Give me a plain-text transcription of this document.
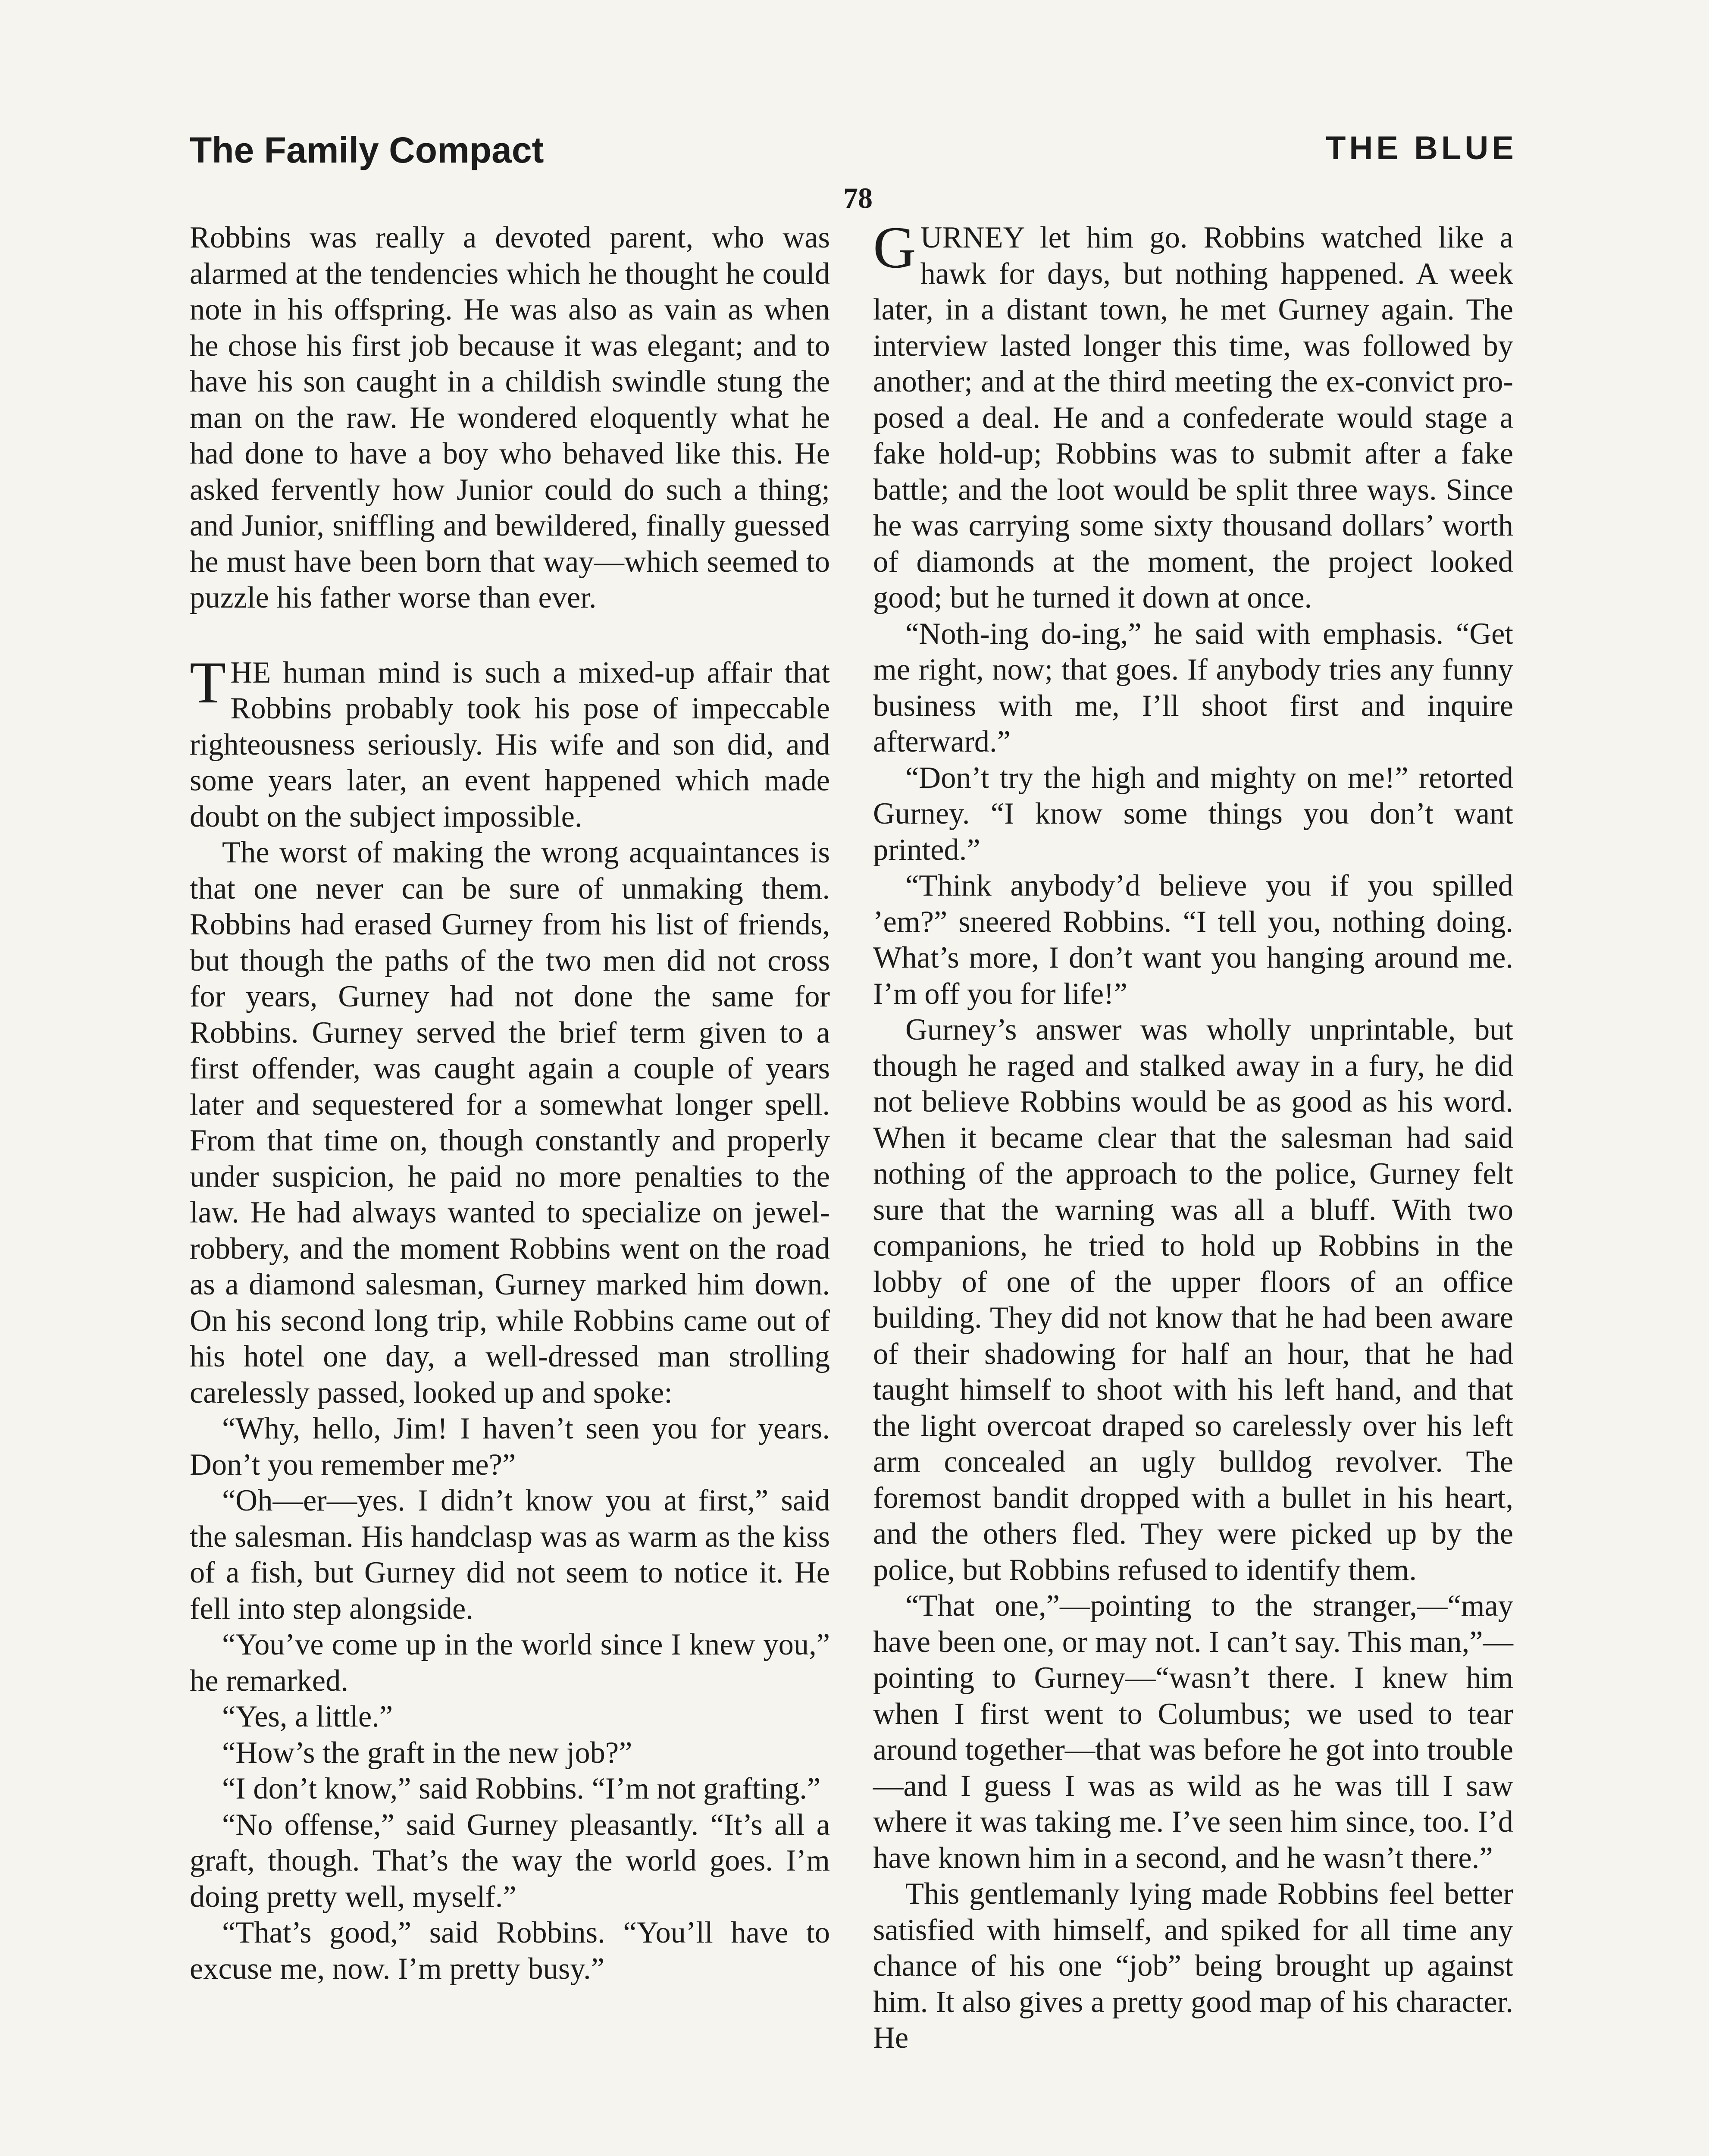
The Family Compact	THE BLUE
78

Robbins was really a devoted parent, who was alarmed at the tendencies which he thought he could note in his offspring. He was also as vain as when he chose his first job because it was elegant; and to have his son caught in a childish swindle stung the man on the raw. He wondered eloquently what he had done to have a boy who behaved like this. He asked fervently how Junior could do such a thing; and Junior, sniffling and bewildered, finally guessed he must have been born that way—which seemed to puzzle his father worse than ever.

THE human mind is such a mixed-up affair that Robbins probably took his pose of impeccable righteousness seriously. His wife and son did, and some years later, an event happened which made doubt on the subject impossible.

The worst of making the wrong acquaintances is that one never can be sure of unmaking them. Robbins had erased Gurney from his list of friends, but though the paths of the two men did not cross for years, Gurney had not done the same for Robbins. Gurney served the brief term given to a first offender, was caught again a couple of years later and sequestered for a somewhat longer spell. From that time on, though constantly and properly under suspicion, he paid no more penalties to the law. He had always wanted to specialize on jewel-robbery, and the moment Robbins went on the road as a diamond salesman, Gurney marked him down. On his second long trip, while Robbins came out of his hotel one day, a well-dressed man strolling carelessly passed, looked up and spoke:

“Why, hello, Jim! I haven’t seen you for years. Don’t you remember me?”

“Oh—er—yes. I didn’t know you at first,” said the salesman. His handclasp was as warm as the kiss of a fish, but Gurney did not seem to notice it. He fell into step alongside.

“You’ve come up in the world since I knew you,” he remarked.

“Yes, a little.”

“How’s the graft in the new job?”

“I don’t know,” said Robbins. “I’m not grafting.”

“No offense,” said Gurney pleasantly. “It’s all a graft, though. That’s the way the world goes. I’m doing pretty well, myself.”

“That’s good,” said Robbins. “You’ll have to excuse me, now. I’m pretty busy.”

GURNEY let him go. Robbins watched like a hawk for days, but nothing happened. A week later, in a distant town, he met Gurney again. The interview lasted longer this time, was followed by another; and at the third meeting the ex-convict proposed a deal. He and a confederate would stage a fake hold-up; Robbins was to submit after a fake battle; and the loot would be split three ways. Since he was carrying some sixty thousand dollars’ worth of diamonds at the moment, the project looked good; but he turned it down at once.

“Noth-ing do-ing,” he said with emphasis. “Get me right, now; that goes. If anybody tries any funny business with me, I’ll shoot first and inquire afterward.”

“Don’t try the high and mighty on me!” retorted Gurney. “I know some things you don’t want printed.”

“Think anybody’d believe you if you spilled ’em?” sneered Robbins. “I tell you, nothing doing. What’s more, I don’t want you hanging around me. I’m off you for life!”

Gurney’s answer was wholly unprintable, but though he raged and stalked away in a fury, he did not believe Robbins would be as good as his word. When it became clear that the salesman had said nothing of the approach to the police, Gurney felt sure that the warning was all a bluff. With two companions, he tried to hold up Robbins in the lobby of one of the upper floors of an office building. They did not know that he had been aware of their shadowing for half an hour, that he had taught himself to shoot with his left hand, and that the light overcoat draped so carelessly over his left arm concealed an ugly bulldog revolver. The foremost bandit dropped with a bullet in his heart, and the others fled. They were picked up by the police, but Robbins refused to identify them.

“That one,”—pointing to the stranger,—“may have been one, or may not. I can’t say. This man,”—pointing to Gurney—“wasn’t there. I knew him when I first went to Columbus; we used to tear around together—that was before he got into trouble—and I guess I was as wild as he was till I saw where it was taking me. I’ve seen him since, too. I’d have known him in a second, and he wasn’t there.”

This gentlemanly lying made Robbins feel better satisfied with himself, and spiked for all time any chance of his one “job” being brought up against him. It also gives a pretty good map of his character. He
